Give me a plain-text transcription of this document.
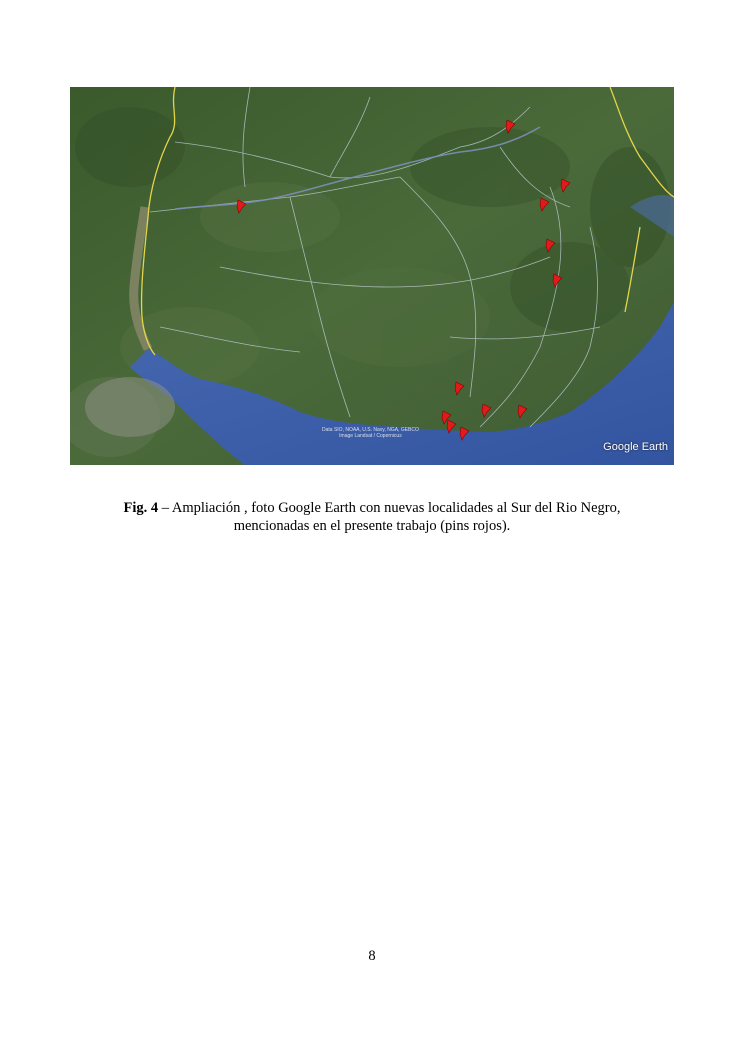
Data SIO, NOAA, U.S. Navy, NGA, GEBCO
Image Landsat / Copernicus
Google Earth
Fig. 4 – Ampliación , foto Google Earth con nuevas localidades al Sur del Rio Negro,
mencionadas en el presente trabajo (pins rojos).
8
